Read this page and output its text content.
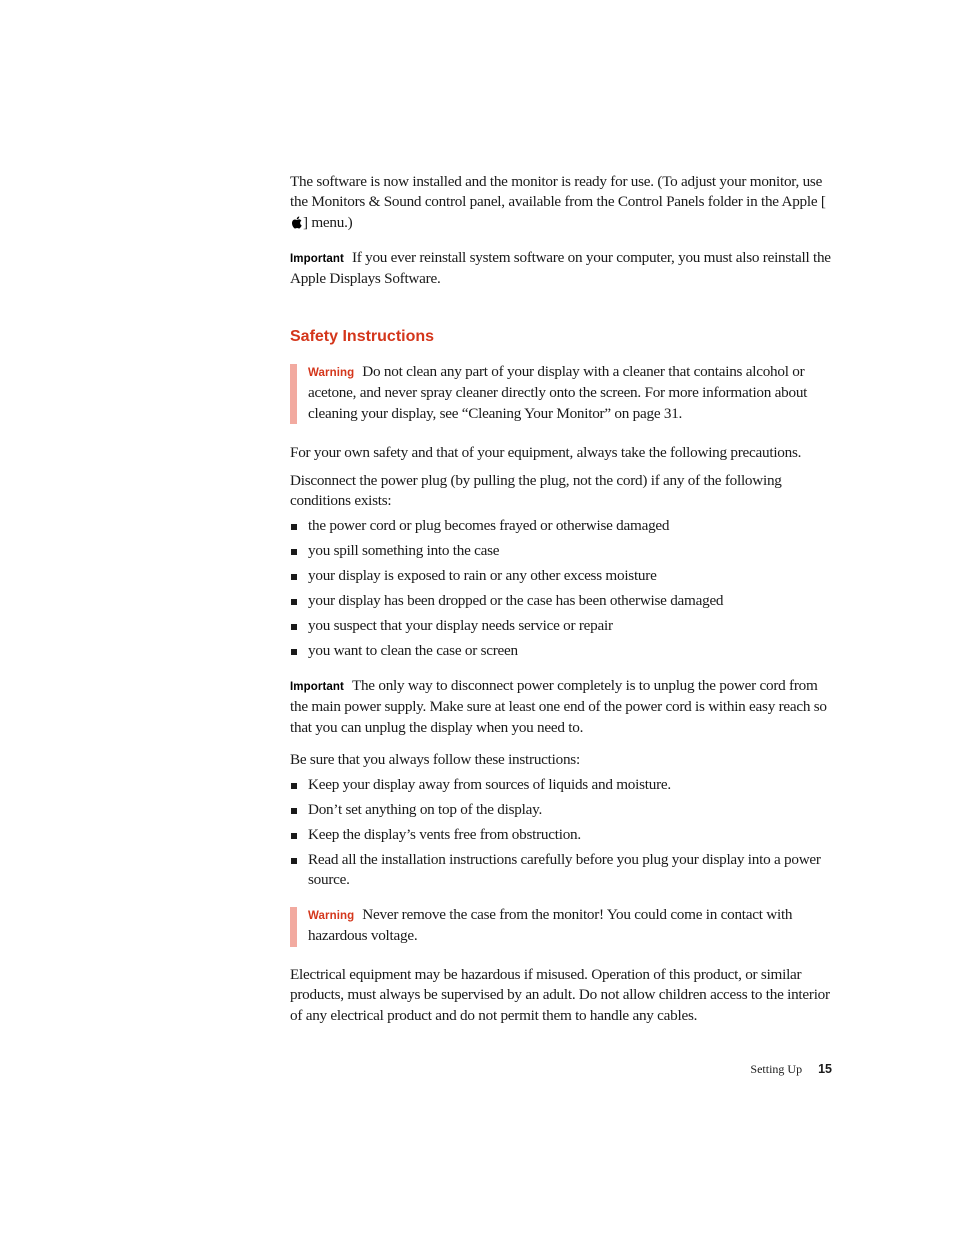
The software is now installed and the monitor is ready for use. (To adjust your monitor, use the Monitors & Sound control panel, available from the Control Panels folder in the Apple [] menu.)

Important If you ever reinstall system software on your computer, you must also reinstall the Apple Displays Software.

Safety Instructions

Warning Do not clean any part of your display with a cleaner that contains alcohol or acetone, and never spray cleaner directly onto the screen. For more information about cleaning your display, see “Cleaning Your Monitor” on page 31.

For your own safety and that of your equipment, always take the following precautions.

Disconnect the power plug (by pulling the plug, not the cord) if any of the following conditions exists:

the power cord or plug becomes frayed or otherwise damaged
you spill something into the case
your display is exposed to rain or any other excess moisture
your display has been dropped or the case has been otherwise damaged
you suspect that your display needs service or repair
you want to clean the case or screen

Important The only way to disconnect power completely is to unplug the power cord from the main power supply. Make sure at least one end of the power cord is within easy reach so that you can unplug the display when you need to.

Be sure that you always follow these instructions:

Keep your display away from sources of liquids and moisture.
Don’t set anything on top of the display.
Keep the display’s vents free from obstruction.
Read all the installation instructions carefully before you plug your display into a power source.

Warning Never remove the case from the monitor! You could come in contact with hazardous voltage.

Electrical equipment may be hazardous if misused. Operation of this product, or similar products, must always be supervised by an adult. Do not allow children access to the interior of any electrical product and do not permit them to handle any cables.

Setting Up 15
